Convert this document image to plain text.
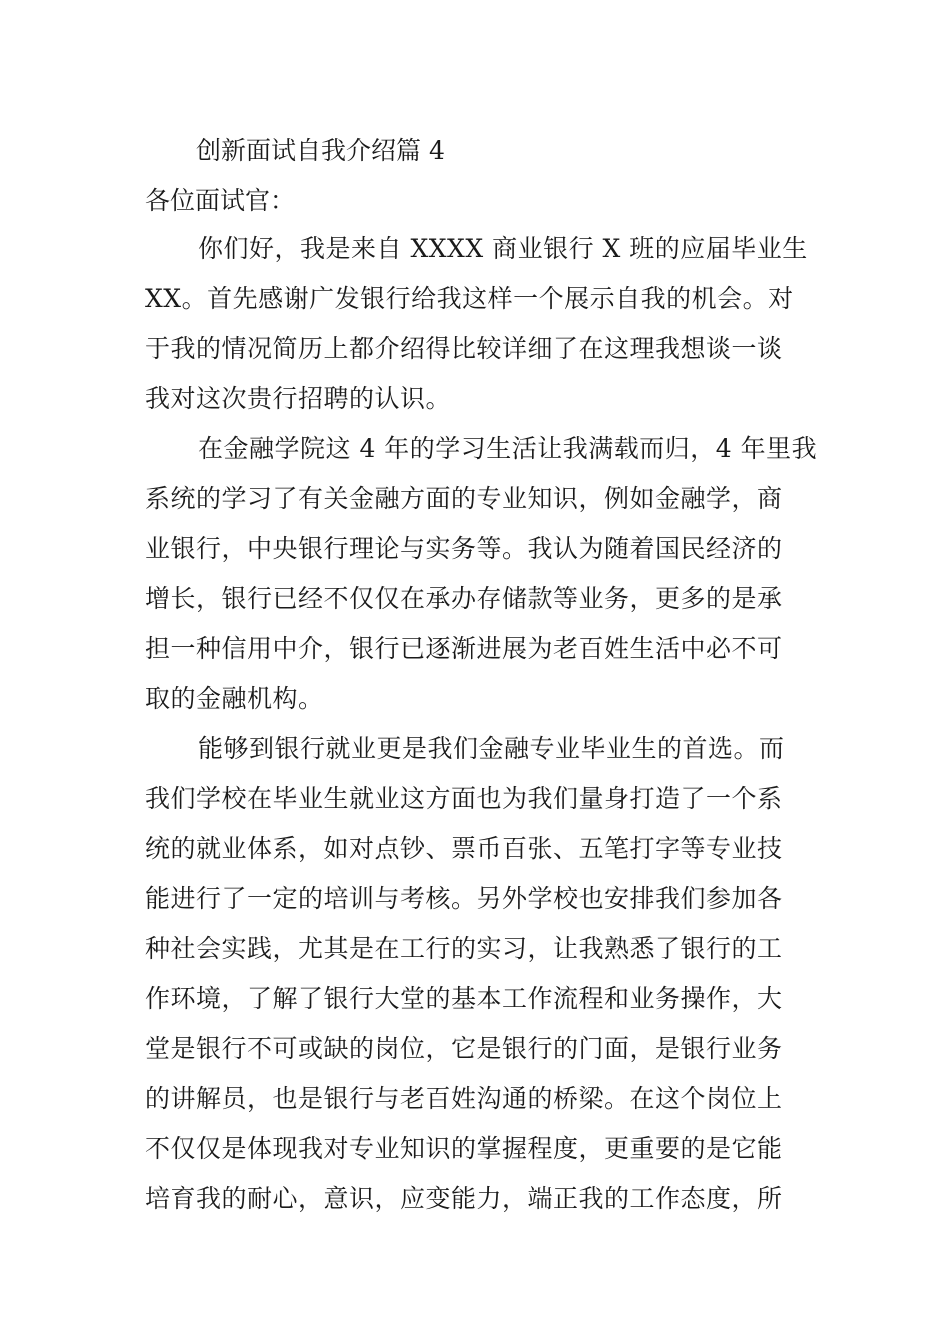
创新面试自我介绍篇 4
各位面试官：
你们好，我是来自 XXXX 商业银行 X 班的应届毕业生
XX。首先感谢广发银行给我这样一个展示自我的机会。对
于我的情况简历上都介绍得比较详细了在这理我想谈一谈
我对这次贵行招聘的认识。
在金融学院这 4 年的学习生活让我满载而归，4 年里我
系统的学习了有关金融方面的专业知识，例如金融学，商
业银行，中央银行理论与实务等。我认为随着国民经济的
增长，银行已经不仅仅在承办存储款等业务，更多的是承
担一种信用中介，银行已逐渐进展为老百姓生活中必不可
取的金融机构。
能够到银行就业更是我们金融专业毕业生的首选。而
我们学校在毕业生就业这方面也为我们量身打造了一个系
统的就业体系，如对点钞、票币百张、五笔打字等专业技
能进行了一定的培训与考核。另外学校也安排我们参加各
种社会实践，尤其是在工行的实习，让我熟悉了银行的工
作环境，了解了银行大堂的基本工作流程和业务操作，大
堂是银行不可或缺的岗位，它是银行的门面，是银行业务
的讲解员，也是银行与老百姓沟通的桥梁。在这个岗位上
不仅仅是体现我对专业知识的掌握程度，更重要的是它能
培育我的耐心，意识，应变能力，端正我的工作态度，所
